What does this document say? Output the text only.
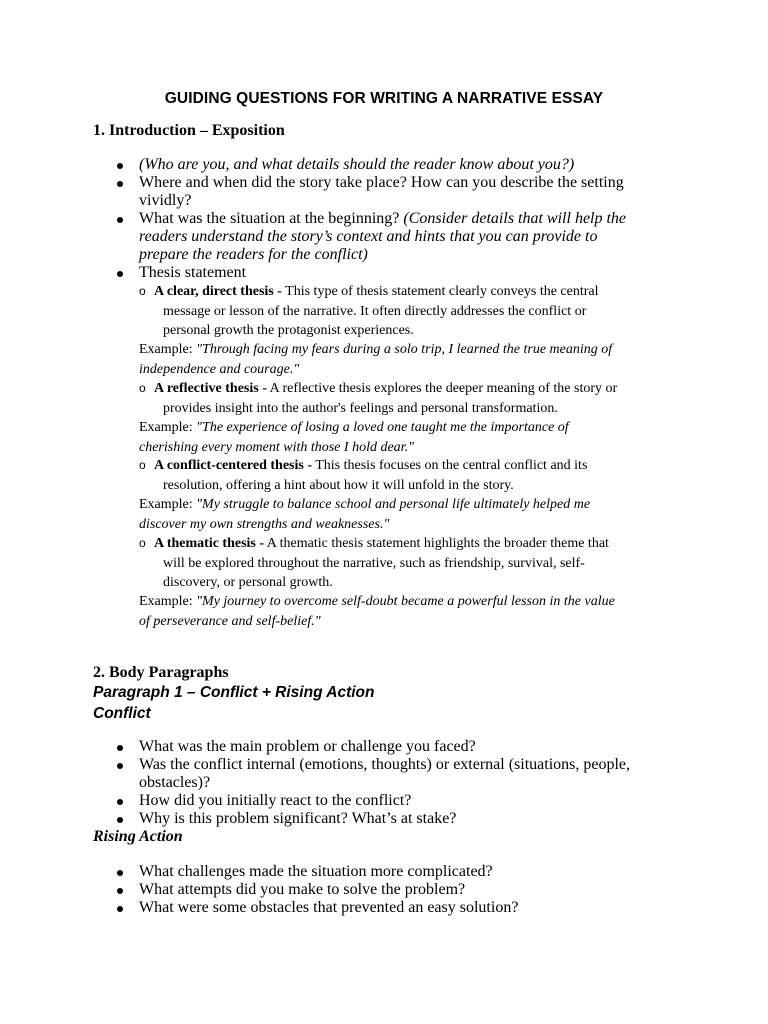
GUIDING QUESTIONS FOR WRITING A NARRATIVE ESSAY
1. Introduction – Exposition
(Who are you, and what details should the reader know about you?)
Where and when did the story take place? How can you describe the setting
vividly?
What was the situation at the beginning? (Consider details that will help the
readers understand the story’s context and hints that you can provide to
prepare the readers for the conflict)
Thesis statement
o A clear, direct thesis - This type of thesis statement clearly conveys the central
message or lesson of the narrative. It often directly addresses the conflict or
personal growth the protagonist experiences.
Example: "Through facing my fears during a solo trip, I learned the true meaning of
independence and courage."
o A reflective thesis - A reflective thesis explores the deeper meaning of the story or
provides insight into the author's feelings and personal transformation.
Example: "The experience of losing a loved one taught me the importance of
cherishing every moment with those I hold dear."
o A conflict-centered thesis - This thesis focuses on the central conflict and its
resolution, offering a hint about how it will unfold in the story.
Example: "My struggle to balance school and personal life ultimately helped me
discover my own strengths and weaknesses."
o A thematic thesis - A thematic thesis statement highlights the broader theme that
will be explored throughout the narrative, such as friendship, survival, self-
discovery, or personal growth.
Example: "My journey to overcome self-doubt became a powerful lesson in the value
of perseverance and self-belief."
2. Body Paragraphs
Paragraph 1 – Conflict + Rising Action
Conflict
What was the main problem or challenge you faced?
Was the conflict internal (emotions, thoughts) or external (situations, people,
obstacles)?
How did you initially react to the conflict?
Why is this problem significant? What’s at stake?
Rising Action
What challenges made the situation more complicated?
What attempts did you make to solve the problem?
What were some obstacles that prevented an easy solution?
